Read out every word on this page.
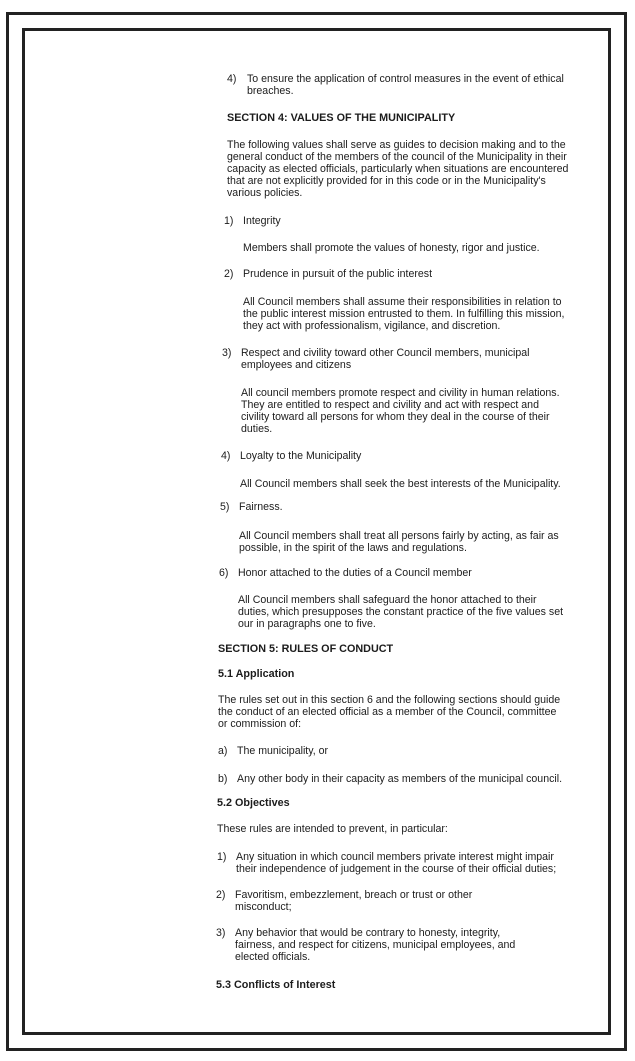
4) To ensure the application of control measures in the event of ethical
breaches.
SECTION 4: VALUES OF THE MUNICIPALITY
The following values shall serve as guides to decision making and to the
general conduct of the members of the council of the Municipality in their
capacity as elected officials, particularly when situations are encountered
that are not explicitly provided for in this code or in the Municipality's
various policies.
1) Integrity
Members shall promote the values of honesty, rigor and justice.
2) Prudence in pursuit of the public interest
All Council members shall assume their responsibilities in relation to
the public interest mission entrusted to them. In fulfilling this mission,
they act with professionalism, vigilance, and discretion.
3) Respect and civility toward other Council members, municipal
employees and citizens
All council members promote respect and civility in human relations.
They are entitled to respect and civility and act with respect and
civility toward all persons for whom they deal in the course of their
duties.
4) Loyalty to the Municipality
All Council members shall seek the best interests of the Municipality.
5) Fairness.
All Council members shall treat all persons fairly by acting, as fair as
possible, in the spirit of the laws and regulations.
6) Honor attached to the duties of a Council member
All Council members shall safeguard the honor attached to their
duties, which presupposes the constant practice of the five values set
our in paragraphs one to five.
SECTION 5: RULES OF CONDUCT
5.1 Application
The rules set out in this section 6 and the following sections should guide
the conduct of an elected official as a member of the Council, committee
or commission of:
a) The municipality, or
b) Any other body in their capacity as members of the municipal council.
5.2 Objectives
These rules are intended to prevent, in particular:
1) Any situation in which council members private interest might impair
their independence of judgement in the course of their official duties;
2) Favoritism, embezzlement, breach or trust or other
misconduct;
3) Any behavior that would be contrary to honesty, integrity,
fairness, and respect for citizens, municipal employees, and
elected officials.
5.3 Conflicts of Interest
